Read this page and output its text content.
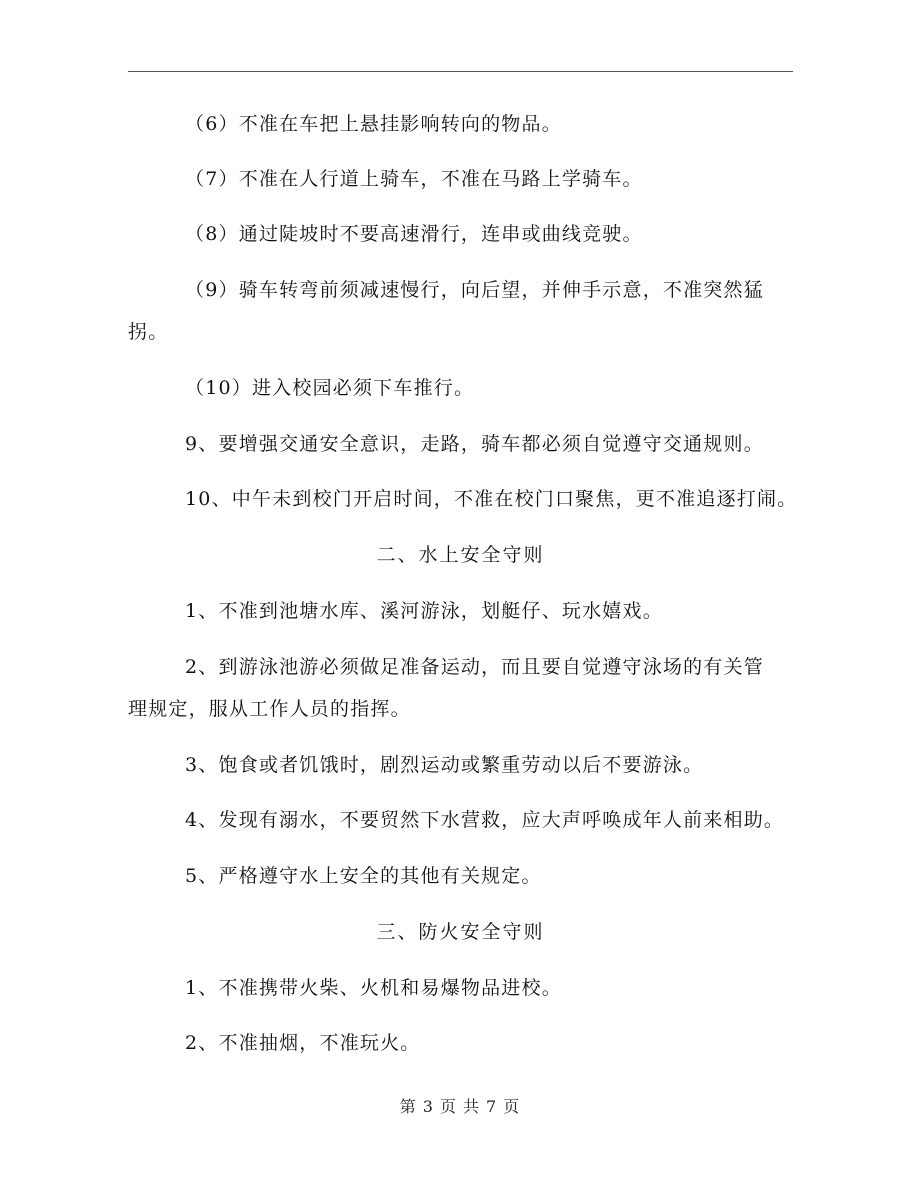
（6）不准在车把上悬挂影响转向的物品。
（7）不准在人行道上骑车，不准在马路上学骑车。
（8）通过陡坡时不要高速滑行，连串或曲线竞驶。
（9）骑车转弯前须减速慢行，向后望，并伸手示意，不准突然猛
拐。
（10）进入校园必须下车推行。
9、要增强交通安全意识，走路，骑车都必须自觉遵守交通规则。
10、中午未到校门开启时间，不准在校门口聚焦，更不准追逐打闹。
二、水上安全守则
1、不准到池塘水库、溪河游泳，划艇仔、玩水嬉戏。
2、到游泳池游必须做足准备运动，而且要自觉遵守泳场的有关管
理规定，服从工作人员的指挥。
3、饱食或者饥饿时，剧烈运动或繁重劳动以后不要游泳。
4、发现有溺水，不要贸然下水营救，应大声呼唤成年人前来相助。
5、严格遵守水上安全的其他有关规定。
三、防火安全守则
1、不准携带火柴、火机和易爆物品进校。
2、不准抽烟，不准玩火。
第 3 页 共 7 页
